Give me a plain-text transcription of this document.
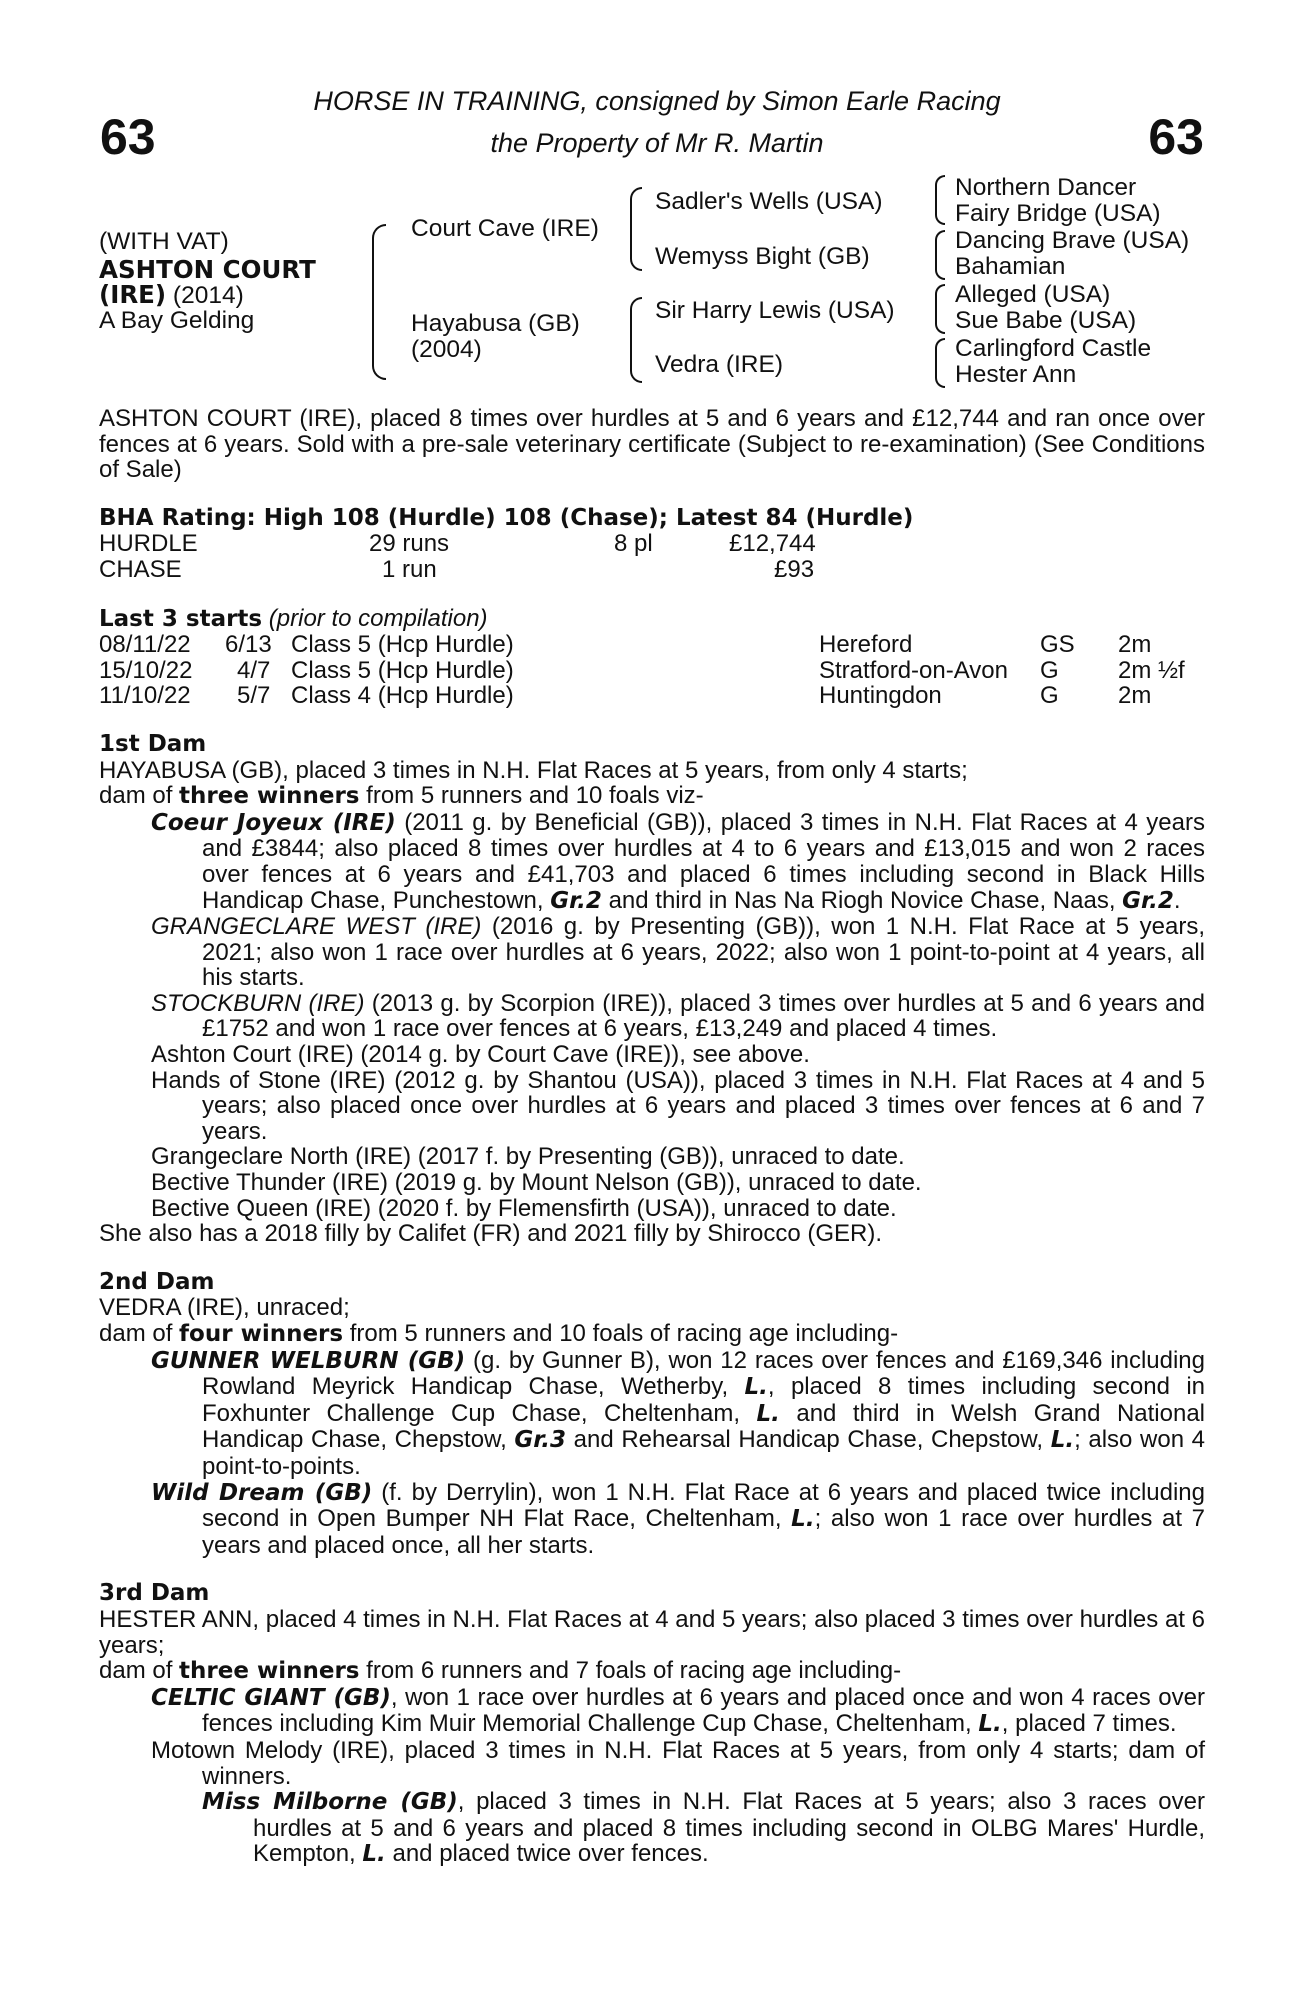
63	63
HORSE IN TRAINING, consigned by Simon Earle Racing
the Property of Mr R. Martin
(WITH VAT)
ASHTON COURT
(IRE) (2014)
A Bay Gelding
Court Cave (IRE)
Hayabusa (GB)
(2004)
Sadler's Wells (USA)
Wemyss Bight (GB)
Sir Harry Lewis (USA)
Vedra (IRE)
Northern Dancer
Fairy Bridge (USA)
Dancing Brave (USA)
Bahamian
Alleged (USA)
Sue Babe (USA)
Carlingford Castle
Hester Ann

ASHTON COURT (IRE), placed 8 times over hurdles at 5 and 6 years and £12,744 and ran once over fences at 6 years. Sold with a pre-sale veterinary certificate (Subject to re-examination) (See Conditions of Sale)

BHA Rating: High 108 (Hurdle) 108 (Chase); Latest 84 (Hurdle)

HURDLE	29 runs	8 pl	£12,744
CHASE	1 run	£93

Last 3 starts (prior to compilation)

08/11/22 6/13 Class 5 (Hcp Hurdle)	Hereford	GS 2m
15/10/22 4/7 Class 5 (Hcp Hurdle)	Stratford-on-Avon G 2m ½f
11/10/22 5/7 Class 4 (Hcp Hurdle)	Huntingdon	G 2m

1st Dam

HAYABUSA (GB), placed 3 times in N.H. Flat Races at 5 years, from only 4 starts;

dam of three winners from 5 runners and 10 foals viz-

Coeur Joyeux (IRE) (2011 g. by Beneficial (GB)), placed 3 times in N.H. Flat Races at 4 years and £3844; also placed 8 times over hurdles at 4 to 6 years and £13,015 and won 2 races over fences at 6 years and £41,703 and placed 6 times including second in Black Hills Handicap Chase, Punchestown, Gr.2 and third in Nas Na Riogh Novice Chase, Naas, Gr.2.

GRANGECLARE WEST (IRE) (2016 g. by Presenting (GB)), won 1 N.H. Flat Race at 5 years, 2021; also won 1 race over hurdles at 6 years, 2022; also won 1 point-to-point at 4 years, all his starts.

STOCKBURN (IRE) (2013 g. by Scorpion (IRE)), placed 3 times over hurdles at 5 and 6 years and £1752 and won 1 race over fences at 6 years, £13,249 and placed 4 times.

Ashton Court (IRE) (2014 g. by Court Cave (IRE)), see above.

Hands of Stone (IRE) (2012 g. by Shantou (USA)), placed 3 times in N.H. Flat Races at 4 and 5 years; also placed once over hurdles at 6 years and placed 3 times over fences at 6 and 7 years.

Grangeclare North (IRE) (2017 f. by Presenting (GB)), unraced to date.

Bective Thunder (IRE) (2019 g. by Mount Nelson (GB)), unraced to date.

Bective Queen (IRE) (2020 f. by Flemensfirth (USA)), unraced to date.

She also has a 2018 filly by Califet (FR) and 2021 filly by Shirocco (GER).

2nd Dam

VEDRA (IRE), unraced;

dam of four winners from 5 runners and 10 foals of racing age including-

GUNNER WELBURN (GB) (g. by Gunner B), won 12 races over fences and £169,346 including Rowland Meyrick Handicap Chase, Wetherby, L., placed 8 times including second in Foxhunter Challenge Cup Chase, Cheltenham, L. and third in Welsh Grand National Handicap Chase, Chepstow, Gr.3 and Rehearsal Handicap Chase, Chepstow, L.; also won 4 point-to-points.

Wild Dream (GB) (f. by Derrylin), won 1 N.H. Flat Race at 6 years and placed twice including second in Open Bumper NH Flat Race, Cheltenham, L.; also won 1 race over hurdles at 7 years and placed once, all her starts.

3rd Dam

HESTER ANN, placed 4 times in N.H. Flat Races at 4 and 5 years; also placed 3 times over hurdles at 6 years;

dam of three winners from 6 runners and 7 foals of racing age including-

CELTIC GIANT (GB), won 1 race over hurdles at 6 years and placed once and won 4 races over fences including Kim Muir Memorial Challenge Cup Chase, Cheltenham, L., placed 7 times.

Motown Melody (IRE), placed 3 times in N.H. Flat Races at 5 years, from only 4 starts; dam of winners.

Miss Milborne (GB), placed 3 times in N.H. Flat Races at 5 years; also 3 races over hurdles at 5 and 6 years and placed 8 times including second in OLBG Mares' Hurdle, Kempton, L. and placed twice over fences.
